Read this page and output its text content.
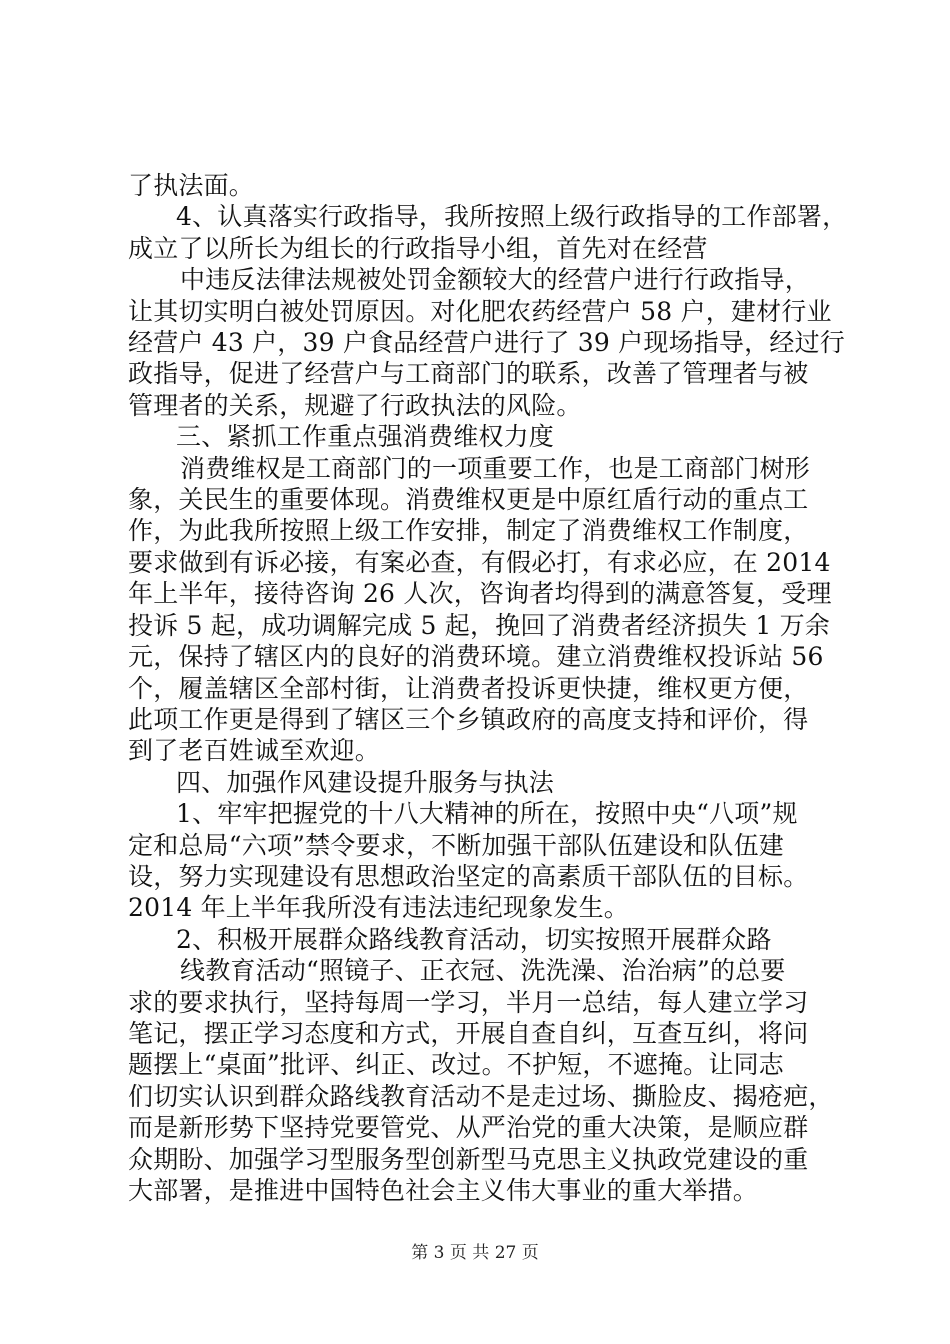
了执法面。
4、认真落实行政指导，我所按照上级行政指导的工作部署，
成立了以所长为组长的行政指导小组，首先对在经营
中违反法律法规被处罚金额较大的经营户进行行政指导，
让其切实明白被处罚原因。对化肥农药经营户 58 户，建材行业
经营户 43 户，39 户食品经营户进行了 39 户现场指导，经过行
政指导，促进了经营户与工商部门的联系，改善了管理者与被
管理者的关系，规避了行政执法的风险。
三、紧抓工作重点强消费维权力度
消费维权是工商部门的一项重要工作，也是工商部门树形
象，关民生的重要体现。消费维权更是中原红盾行动的重点工
作，为此我所按照上级工作安排，制定了消费维权工作制度，
要求做到有诉必接，有案必查，有假必打，有求必应，在 2014
年上半年，接待咨询 26 人次，咨询者均得到的满意答复，受理
投诉 5 起，成功调解完成 5 起，挽回了消费者经济损失 1 万余
元，保持了辖区内的良好的消费环境。建立消费维权投诉站 56
个，履盖辖区全部村街，让消费者投诉更快捷，维权更方便，
此项工作更是得到了辖区三个乡镇政府的高度支持和评价，得
到了老百姓诚至欢迎。
四、加强作风建设提升服务与执法
1、牢牢把握党的十八大精神的所在，按照中央“八项”规
定和总局“六项”禁令要求，不断加强干部队伍建设和队伍建
设，努力实现建设有思想政治坚定的高素质干部队伍的目标。
2014 年上半年我所没有违法违纪现象发生。
2、积极开展群众路线教育活动，切实按照开展群众路
线教育活动“照镜子、正衣冠、洗洗澡、治治病”的总要
求的要求执行，坚持每周一学习，半月一总结，每人建立学习
笔记，摆正学习态度和方式，开展自查自纠，互查互纠，将问
题摆上“桌面”批评、纠正、改过。不护短，不遮掩。让同志
们切实认识到群众路线教育活动不是走过场、撕脸皮、揭疮疤，
而是新形势下坚持党要管党、从严治党的重大决策，是顺应群
众期盼、加强学习型服务型创新型马克思主义执政党建设的重
大部署，是推进中国特色社会主义伟大事业的重大举措。
第 3 页 共 27 页
